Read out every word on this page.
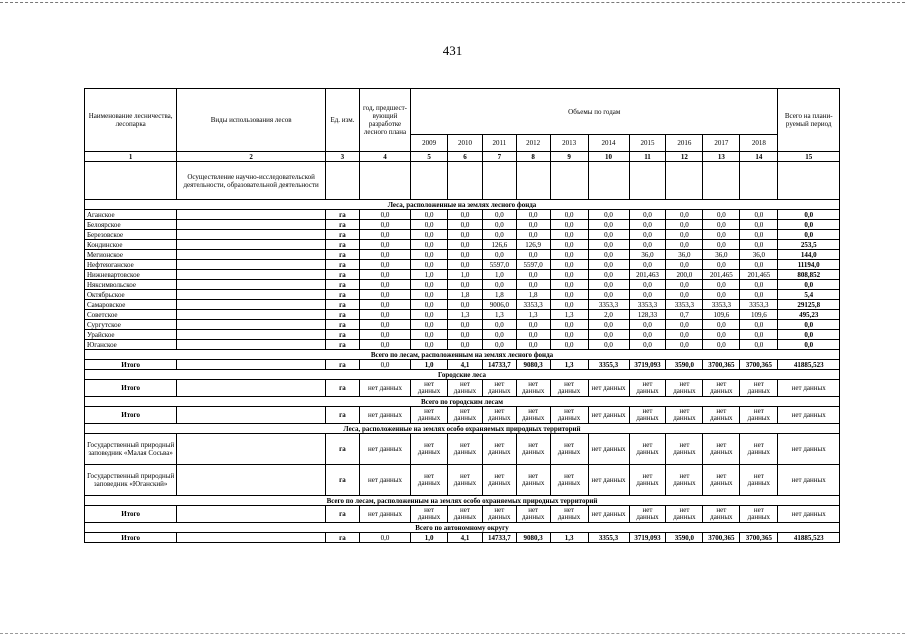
431
Наименование лесничества, лесопарка	Виды использования лесов	Ед. изм.	год, предшест-вующий разработке лесного плана	Объемы по годам										Всего на плани-руемый период
				2009	2010	2011	2012	2013	2014	2015	2016	2017	2018	
1	2	3	4	5	6	7	8	9	10	11	12	13	14	15
	Осуществление научно-исследовательской деятельности, образовательной деятельности													
Леса, расположенные на землях лесного фонда														
Аганское		га	0,0	0,0	0,0	0,0	0,0	0,0	0,0	0,0	0,0	0,0	0,0	0,0
Белоярское		га	0,0	0,0	0,0	0,0	0,0	0,0	0,0	0,0	0,0	0,0	0,0	0,0
Березовское		га	0,0	0,0	0,0	0,0	0,0	0,0	0,0	0,0	0,0	0,0	0,0	0,0
Кондинское		га	0,0	0,0	0,0	126,6	126,9	0,0	0,0	0,0	0,0	0,0	0,0	253,5
Мегионское		га	0,0	0,0	0,0	0,0	0,0	0,0	0,0	36,0	36,0	36,0	36,0	144,0
Нефтеюганское		га	0,0	0,0	0,0	5597,0	5597,0	0,0	0,0	0,0	0,0	0,0	0,0	11194,0
Нижневартовское		га	0,0	1,0	1,0	1,0	0,0	0,0	0,0	201,463	200,0	201,465	201,465	808,852
Няксимвольское		га	0,0	0,0	0,0	0,0	0,0	0,0	0,0	0,0	0,0	0,0	0,0	0,0
Октябрьское		га	0,0	0,0	1,8	1,8	1,8	0,0	0,0	0,0	0,0	0,0	0,0	5,4
Самаровское		га	0,0	0,0	0,0	9006,0	3353,3	0,0	3353,3	3353,3	3353,3	3353,3	3353,3	29125,8
Советское		га	0,0	0,0	1,3	1,3	1,3	1,3	2,0	128,33	0,7	109,6	109,6	495,23
Сургутское		га	0,0	0,0	0,0	0,0	0,0	0,0	0,0	0,0	0,0	0,0	0,0	0,0
Урайское		га	0,0	0,0	0,0	0,0	0,0	0,0	0,0	0,0	0,0	0,0	0,0	0,0
Юганское		га	0,0	0,0	0,0	0,0	0,0	0,0	0,0	0,0	0,0	0,0	0,0	0,0
Всего по лесам, расположенным на землях лесного фонда														
Итого		га	0,0	1,0	4,1	14733,7	9080,3	1,3	3355,3	3719,093	3590,0	3700,365	3700,365	41885,523
Городские леса														
Итого		га	нет данных	нет данных	нет данных	нет данных	нет данных	нет данных	нет данных	нет данных	нет данных	нет данных	нет данных	нет данных
Всего по городским лесам														
Итого		га	нет данных	нет данных	нет данных	нет данных	нет данных	нет данных	нет данных	нет данных	нет данных	нет данных	нет данных	нет данных
Леса, расположенные на землях особо охраняемых природных территорий														
Государственный природный заповедник «Малая Сосьва»		га	нет данных	нет данных	нет данных	нет данных	нет данных	нет данных	нет данных	нет данных	нет данных	нет данных	нет данных	нет данных
Государственный природный заповедник «Юганский»		га	нет данных	нет данных	нет данных	нет данных	нет данных	нет данных	нет данных	нет данных	нет данных	нет данных	нет данных	нет данных
Всего по лесам, расположенным на землях особо охраняемых природных территорий														
Итого		га	нет данных	нет данных	нет данных	нет данных	нет данных	нет данных	нет данных	нет данных	нет данных	нет данных	нет данных	нет данных
Всего по автономному округу														
Итого		га	0,0	1,0	4,1	14733,7	9080,3	1,3	3355,3	3719,093	3590,0	3700,365	3700,365	41885,523
